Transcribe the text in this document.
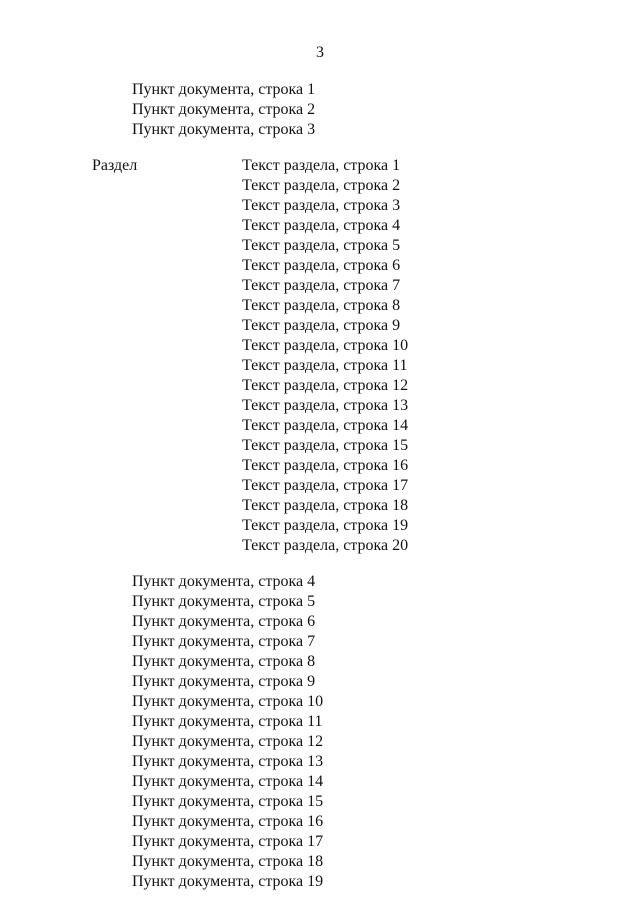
3

Пункт документа, строка 1

Пункт документа, строка 2

Пункт документа, строка 3

Раздел	Текст раздела, строка 1

Текст раздела, строка 2

Текст раздела, строка 3

Текст раздела, строка 4

Текст раздела, строка 5

Текст раздела, строка 6

Текст раздела, строка 7

Текст раздела, строка 8

Текст раздела, строка 9

Текст раздела, строка 10

Текст раздела, строка 11

Текст раздела, строка 12

Текст раздела, строка 13

Текст раздела, строка 14

Текст раздела, строка 15

Текст раздела, строка 16

Текст раздела, строка 17

Текст раздела, строка 18

Текст раздела, строка 19

Текст раздела, строка 20

Пункт документа, строка 4

Пункт документа, строка 5

Пункт документа, строка 6

Пункт документа, строка 7

Пункт документа, строка 8

Пункт документа, строка 9

Пункт документа, строка 10

Пункт документа, строка 11

Пункт документа, строка 12

Пункт документа, строка 13

Пункт документа, строка 14

Пункт документа, строка 15

Пункт документа, строка 16

Пункт документа, строка 17

Пункт документа, строка 18

Пункт документа, строка 19
